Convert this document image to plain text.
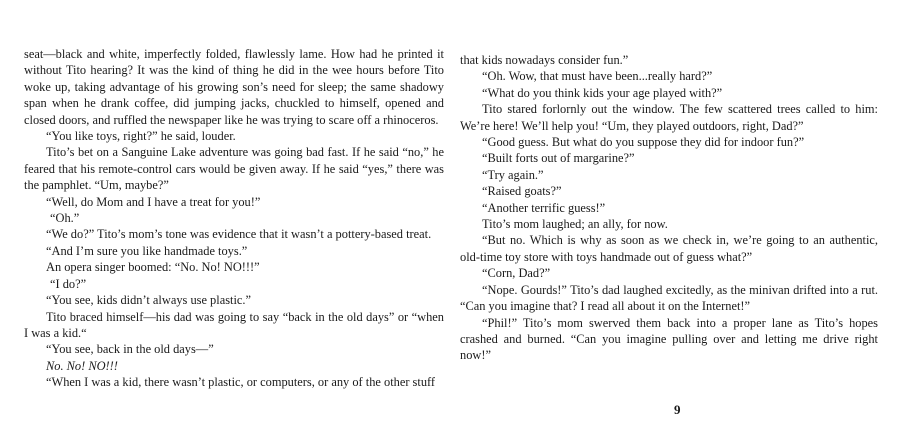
seat—black and white, imperfectly folded, flawlessly lame. How had he printed it without Tito hearing? It was the kind of thing he did in the wee hours before Tito woke up, taking advantage of his growing son’s need for sleep; the same shadowy span when he drank coffee, did jumping jacks, chuckled to himself, opened and closed doors, and ruffled the newspaper like he was trying to scare off a rhinoceros.

“You like toys, right?” he said, louder.

Tito’s bet on a Sanguine Lake adventure was going bad fast. If he said “no,” he feared that his remote-control cars would be given away. If he said “yes,” there was the pamphlet. “Um, maybe?”

“Well, do Mom and I have a treat for you!”

“Oh.”

“We do?” Tito’s mom’s tone was evidence that it wasn’t a pottery-based treat.

“And I’m sure you like handmade toys.”

An opera singer boomed: “No. No! NO!!!”

“I do?”

“You see, kids didn’t always use plastic.”

Tito braced himself—his dad was going to say “back in the old days” or “when I was a kid.“

“You see, back in the old days—”

No. No! NO!!!

“When I was a kid, there wasn’t plastic, or computers, or any of the other stuff

that kids nowadays consider fun.”

“Oh. Wow, that must have been...really hard?”

“What do you think kids your age played with?”

Tito stared forlornly out the window. The few scattered trees called to him: We’re here! We’ll help you! “Um, they played outdoors, right, Dad?”

“Good guess. But what do you suppose they did for indoor fun?”

“Built forts out of margarine?”

“Try again.”

“Raised goats?”

“Another terrific guess!”

Tito’s mom laughed; an ally, for now.

“But no. Which is why as soon as we check in, we’re going to an authentic, old-time toy store with toys handmade out of guess what?”

“Corn, Dad?”

“Nope. Gourds!” Tito’s dad laughed excitedly, as the minivan drifted into a rut. “Can you imagine that? I read all about it on the Internet!”

“Phil!” Tito’s mom swerved them back into a proper lane as Tito’s hopes crashed and burned. “Can you imagine pulling over and letting me drive right now!”

9
